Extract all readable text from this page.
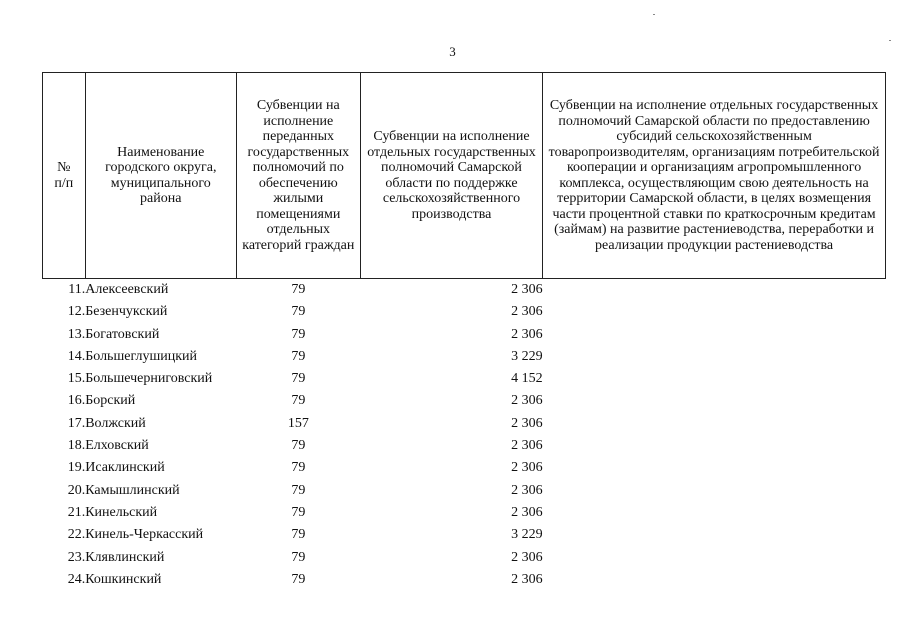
3
№
п/п	Наименование городского округа, муниципального района	Субвенции на исполнение переданных государственных полномочий по обеспечению жилыми помещениями отдельных категорий граждан	Субвенции на исполнение отдельных государственных полномочий Самарской области по поддержке сельскохозяйственного производства	Субвенции на исполнение отдельных государственных полномочий Самарской области по предоставлению субсидий сельскохозяйственным товаропроизводителям, организациям потребительской кооперации и организациям агропромышленного комплекса, осуществляющим свою деятельность на территории Самарской области, в целях возмещения части процентной ставки по краткосрочным кредитам (займам) на развитие растениеводства, переработки и реализации продукции растениеводства
11.	Алексеевский	79	2 306	
12.	Безенчукский	79	2 306	
13.	Богатовский	79	2 306	
14.	Большеглушицкий	79	3 229	
15.	Большечерниговский	79	4 152	
16.	Борский	79	2 306	
17.	Волжский	157	2 306	
18.	Елховский	79	2 306	
19.	Исаклинский	79	2 306	
20.	Камышлинский	79	2 306	
21.	Кинельский	79	2 306	
22.	Кинель-Черкасский	79	3 229	
23.	Клявлинский	79	2 306	
24.	Кошкинский	79	2 306	
